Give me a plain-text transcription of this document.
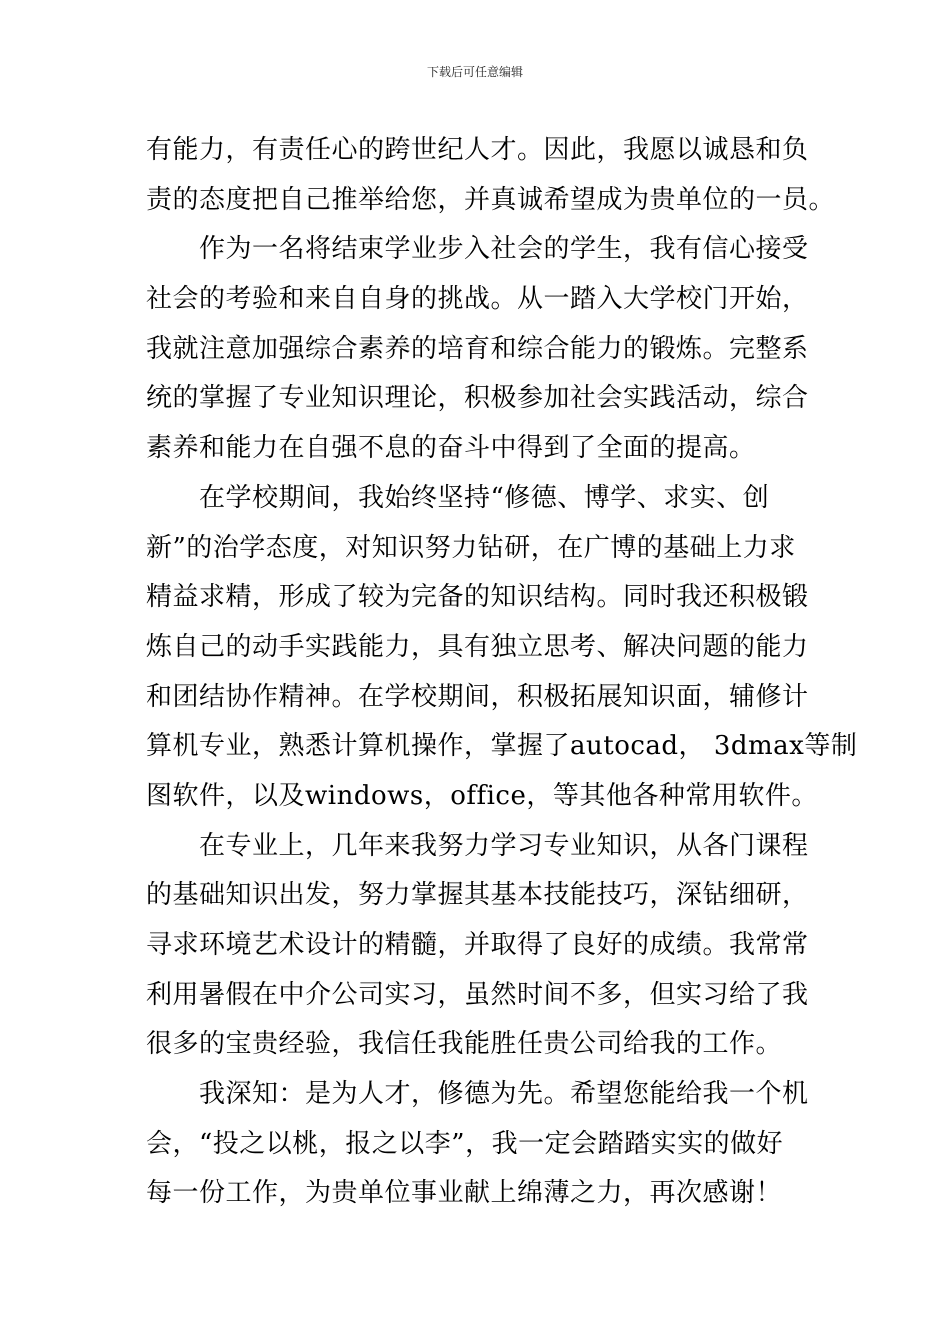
下载后可任意编辑
有能力，有责任心的跨世纪人才。因此，我愿以诚恳和负
责的态度把自己推举给您，并真诚希望成为贵单位的一员。
　　作为一名将结束学业步入社会的学生，我有信心接受
社会的考验和来自自身的挑战。从一踏入大学校门开始，
我就注意加强综合素养的培育和综合能力的锻炼。完整系
统的掌握了专业知识理论，积极参加社会实践活动，综合
素养和能力在自强不息的奋斗中得到了全面的提高。
　　在学校期间，我始终坚持“修德、博学、求实、创
新”的治学态度，对知识努力钻研，在广博的基础上力求
精益求精，形成了较为完备的知识结构。同时我还积极锻
炼自己的动手实践能力，具有独立思考、解决问题的能力
和团结协作精神。在学校期间，积极拓展知识面，辅修计
算机专业，熟悉计算机操作，掌握了autocad， 3dmax等制
图软件，以及windows，office，等其他各种常用软件。
　　在专业上，几年来我努力学习专业知识，从各门课程
的基础知识出发，努力掌握其基本技能技巧，深钻细研，
寻求环境艺术设计的精髓，并取得了良好的成绩。我常常
利用暑假在中介公司实习，虽然时间不多，但实习给了我
很多的宝贵经验，我信任我能胜任贵公司给我的工作。
　　我深知：是为人才，修德为先。希望您能给我一个机
会，“投之以桃，报之以李”，我一定会踏踏实实的做好
每一份工作，为贵单位事业献上绵薄之力，再次感谢！
